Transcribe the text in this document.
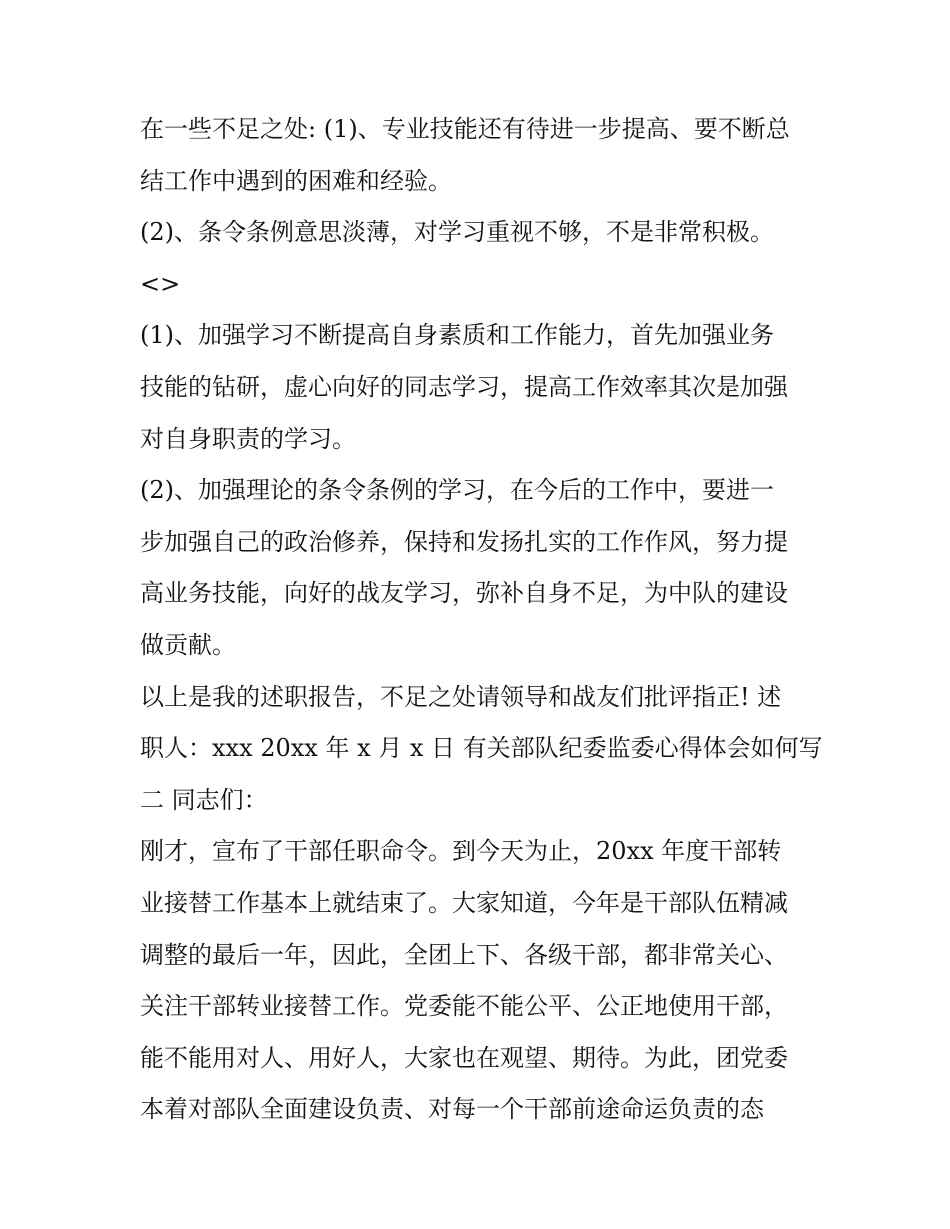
在一些不足之处: (1)、专业技能还有待进一步提高、要不断总
结工作中遇到的困难和经验。
(2)、条令条例意思淡薄，对学习重视不够，不是非常积极。
<>
(1)、加强学习不断提高自身素质和工作能力，首先加强业务
技能的钻研，虚心向好的同志学习，提高工作效率其次是加强
对自身职责的学习。
(2)、加强理论的条令条例的学习，在今后的工作中，要进一
步加强自己的政治修养，保持和发扬扎实的工作作风，努力提
高业务技能，向好的战友学习，弥补自身不足，为中队的建设
做贡献。
以上是我的述职报告，不足之处请领导和战友们批评指正! 述
职人：xxx 20xx 年 x 月 x 日 有关部队纪委监委心得体会如何写
二 同志们：
刚才，宣布了干部任职命令。到今天为止，20xx 年度干部转
业接替工作基本上就结束了。大家知道，今年是干部队伍精减
调整的最后一年，因此，全团上下、各级干部，都非常关心、
关注干部转业接替工作。党委能不能公平、公正地使用干部，
能不能用对人、用好人，大家也在观望、期待。为此，团党委
本着对部队全面建设负责、对每一个干部前途命运负责的态
